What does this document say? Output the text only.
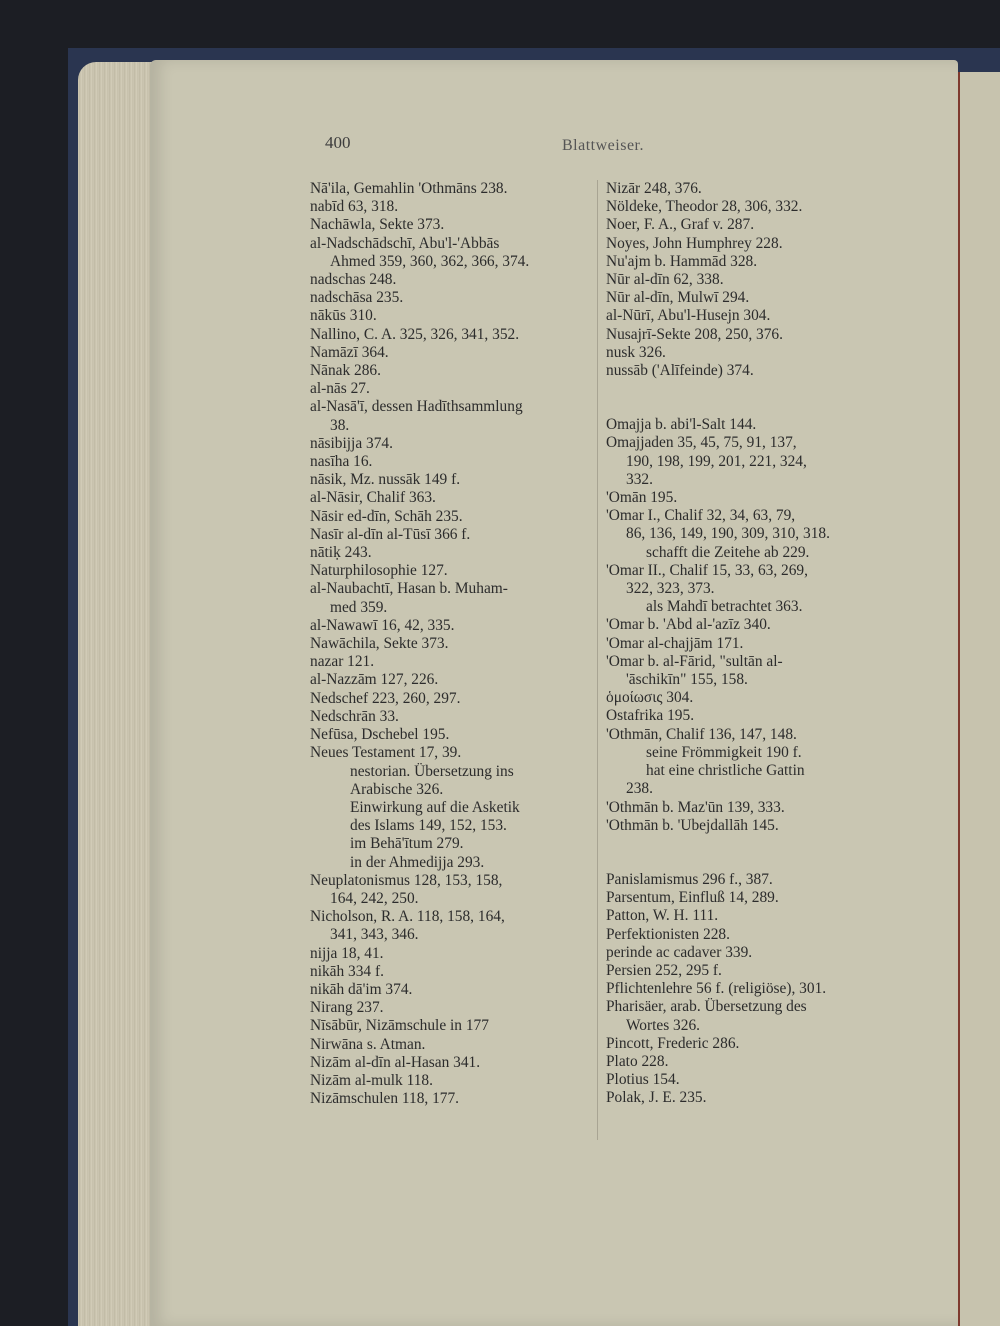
400	Blattweiser.
Nā'ila, Gemahlin 'Othmāns 238.
nabīd 63, 318.
Nachāwla, Sekte 373.
al-Nadschādschī, Abu'l-'Abbās
Ahmed 359, 360, 362, 366, 374.
nadschas 248.
nadschāsa 235.
nākūs 310.
Nallino, C. A. 325, 326, 341, 352.
Namāzī 364.
Nānak 286.
al-nās 27.
al-Nasā'ī, dessen Hadīthsammlung
38.
nāsibijja 374.
nasīha 16.
nāsik, Mz. nussāk 149 f.
al-Nāsir, Chalif 363.
Nāsir ed-dīn, Schāh 235.
Nasīr al-dīn al-Tūsī 366 f.
nātiḳ 243.
Naturphilosophie 127.
al-Naubachtī, Hasan b. Muham-
med 359.
al-Nawawī 16, 42, 335.
Nawāchila, Sekte 373.
nazar 121.
al-Nazzām 127, 226.
Nedschef 223, 260, 297.
Nedschrān 33.
Nefūsa, Dschebel 195.
Neues Testament 17, 39.
nestorian. Übersetzung ins
Arabische 326.
Einwirkung auf die Asketik
des Islams 149, 152, 153.
im Behā'ītum 279.
in der Ahmedijja 293.
Neuplatonismus 128, 153, 158,
164, 242, 250.
Nicholson, R. A. 118, 158, 164,
341, 343, 346.
nijja 18, 41.
nikāh 334 f.
nikāh dā'im 374.
Nirang 237.
Nīsābūr, Nizāmschule in 177
Nirwāna s. Atman.
Nizām al-dīn al-Hasan 341.
Nizām al-mulk 118.
Nizāmschulen 118, 177.
Nizār 248, 376.
Nöldeke, Theodor 28, 306, 332.
Noer, F. A., Graf v. 287.
Noyes, John Humphrey 228.
Nu'ajm b. Hammād 328.
Nūr al-dīn 62, 338.
Nūr al-dīn, Mulwī 294.
al-Nūrī, Abu'l-Husejn 304.
Nusajrī-Sekte 208, 250, 376.
nusk 326.
nussāb ('Alīfeinde) 374.
Omajja b. abi'l-Salt 144.
Omajjaden 35, 45, 75, 91, 137,
190, 198, 199, 201, 221, 324,
332.
'Omān 195.
'Omar I., Chalif 32, 34, 63, 79,
86, 136, 149, 190, 309, 310, 318.
schafft die Zeitehe ab 229.
'Omar II., Chalif 15, 33, 63, 269,
322, 323, 373.
als Mahdī betrachtet 363.
'Omar b. 'Abd al-'azīz 340.
'Omar al-chajjām 171.
'Omar b. al-Fārid, "sultān al-
'āschikīn" 155, 158.
ὁμοίωσις 304.
Ostafrika 195.
'Othmān, Chalif 136, 147, 148.
seine Frömmigkeit 190 f.
hat eine christliche Gattin
238.
'Othmān b. Maz'ūn 139, 333.
'Othmān b. 'Ubejdallāh 145.
Panislamismus 296 f., 387.
Parsentum, Einfluß 14, 289.
Patton, W. H. 111.
Perfektionisten 228.
perinde ac cadaver 339.
Persien 252, 295 f.
Pflichtenlehre 56 f. (religiöse), 301.
Pharisäer, arab. Übersetzung des
Wortes 326.
Pincott, Frederic 286.
Plato 228.
Plotius 154.
Polak, J. E. 235.
